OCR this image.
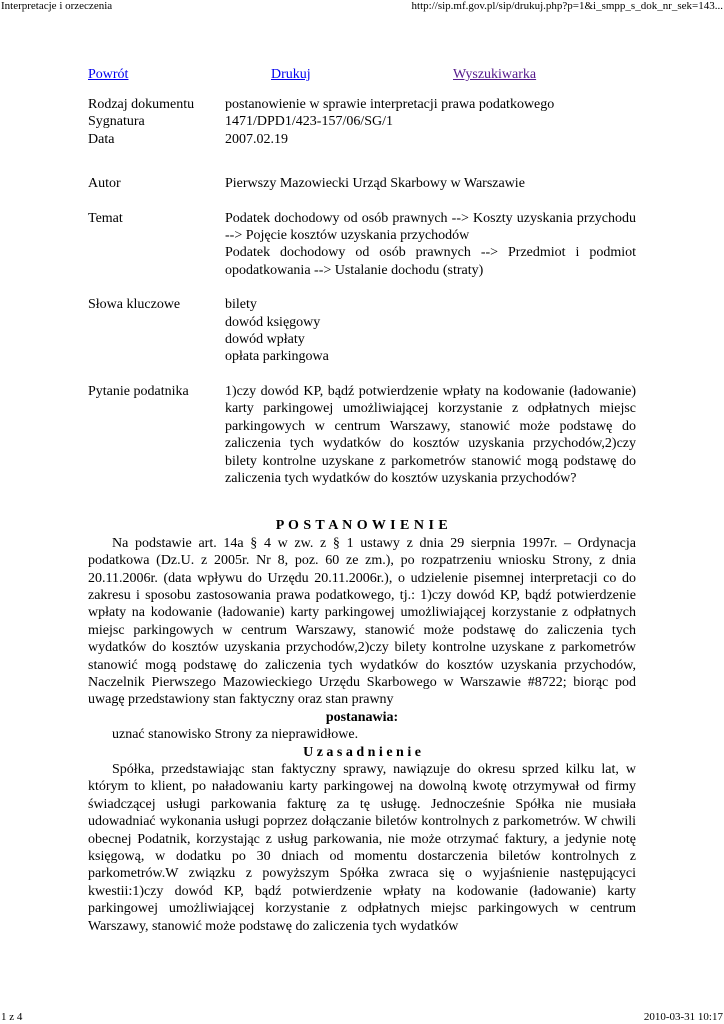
Interpretacje i orzeczenia	http://sip.mf.gov.pl/sip/drukuj.php?p=1&i_smpp_s_dok_nr_sek=143...
Powrót	Drukuj	Wyszukiwarka
Rodzaj dokumentu	postanowienie w sprawie interpretacji prawa podatkowego
Sygnatura	1471/DPD1/423-157/06/SG/1
Data	2007.02.19
Autor	Pierwszy Mazowiecki Urząd Skarbowy w Warszawie
Temat	Podatek dochodowy od osób prawnych --> Koszty uzyskania przychodu --> Pojęcie kosztów uzyskania przychodów

Podatek dochodowy od osób prawnych --> Przedmiot i podmiot opodatkowania --> Ustalanie dochodu (straty)

Słowa kluczowe	bilety
dowód księgowy
dowód wpłaty
opłata parkingowa
Pytanie podatnika	1)czy dowód KP, bądź potwierdzenie wpłaty na kodowanie (ładowanie) karty parkingowej umożliwiającej korzystanie z odpłatnych miejsc parkingowych w centrum Warszawy, stanowić może podstawę do zaliczenia tych wydatków do kosztów uzyskania przychodów,2)czy bilety kontrolne uzyskane z parkometrów stanowić mogą podstawę do zaliczenia tych wydatków do kosztów uzyskania przychodów?
P O S T A N O W I E N I E
Na podstawie art. 14a § 4 w zw. z § 1 ustawy z dnia 29 sierpnia 1997r. – Ordynacja podatkowa (Dz.U. z 2005r. Nr 8, poz. 60 ze zm.), po rozpatrzeniu wniosku Strony, z dnia 20.11.2006r. (data wpływu do Urzędu 20.11.2006r.), o udzielenie pisemnej interpretacji co do zakresu i sposobu zastosowania prawa podatkowego, tj.: 1)czy dowód KP, bądź potwierdzenie wpłaty na kodowanie (ładowanie) karty parkingowej umożliwiającej korzystanie z odpłatnych miejsc parkingowych w centrum Warszawy, stanowić może podstawę do zaliczenia tych wydatków do kosztów uzyskania przychodów,2)czy bilety kontrolne uzyskane z parkometrów stanowić mogą podstawę do zaliczenia tych wydatków do kosztów uzyskania przychodów, Naczelnik Pierwszego Mazowieckiego Urzędu Skarbowego w Warszawie #8722; biorąc pod uwagę przedstawiony stan faktyczny oraz stan prawny
postanawia:
uznać stanowisko Strony za nieprawidłowe.
U z a s a d n i e n i e
Spółka, przedstawiając stan faktyczny sprawy, nawiązuje do okresu sprzed kilku lat, w którym to klient, po naładowaniu karty parkingowej na dowolną kwotę otrzymywał od firmy świadczącej usługi parkowania fakturę za tę usługę. Jednocześnie Spółka nie musiała udowadniać wykonania usługi poprzez dołączanie biletów kontrolnych z parkometrów. W chwili obecnej Podatnik, korzystając z usług parkowania, nie może otrzymać faktury, a jedynie notę księgową, w dodatku po 30 dniach od momentu dostarczenia biletów kontrolnych z parkometrów.W związku z powyższym Spółka zwraca się o wyjaśnienie następującyci kwestii:1)czy dowód KP, bądź potwierdzenie wpłaty na kodowanie (ładowanie) karty parkingowej umożliwiającej korzystanie z odpłatnych miejsc parkingowych w centrum Warszawy, stanowić może podstawę do zaliczenia tych wydatków
1 z 4	2010-03-31 10:17
